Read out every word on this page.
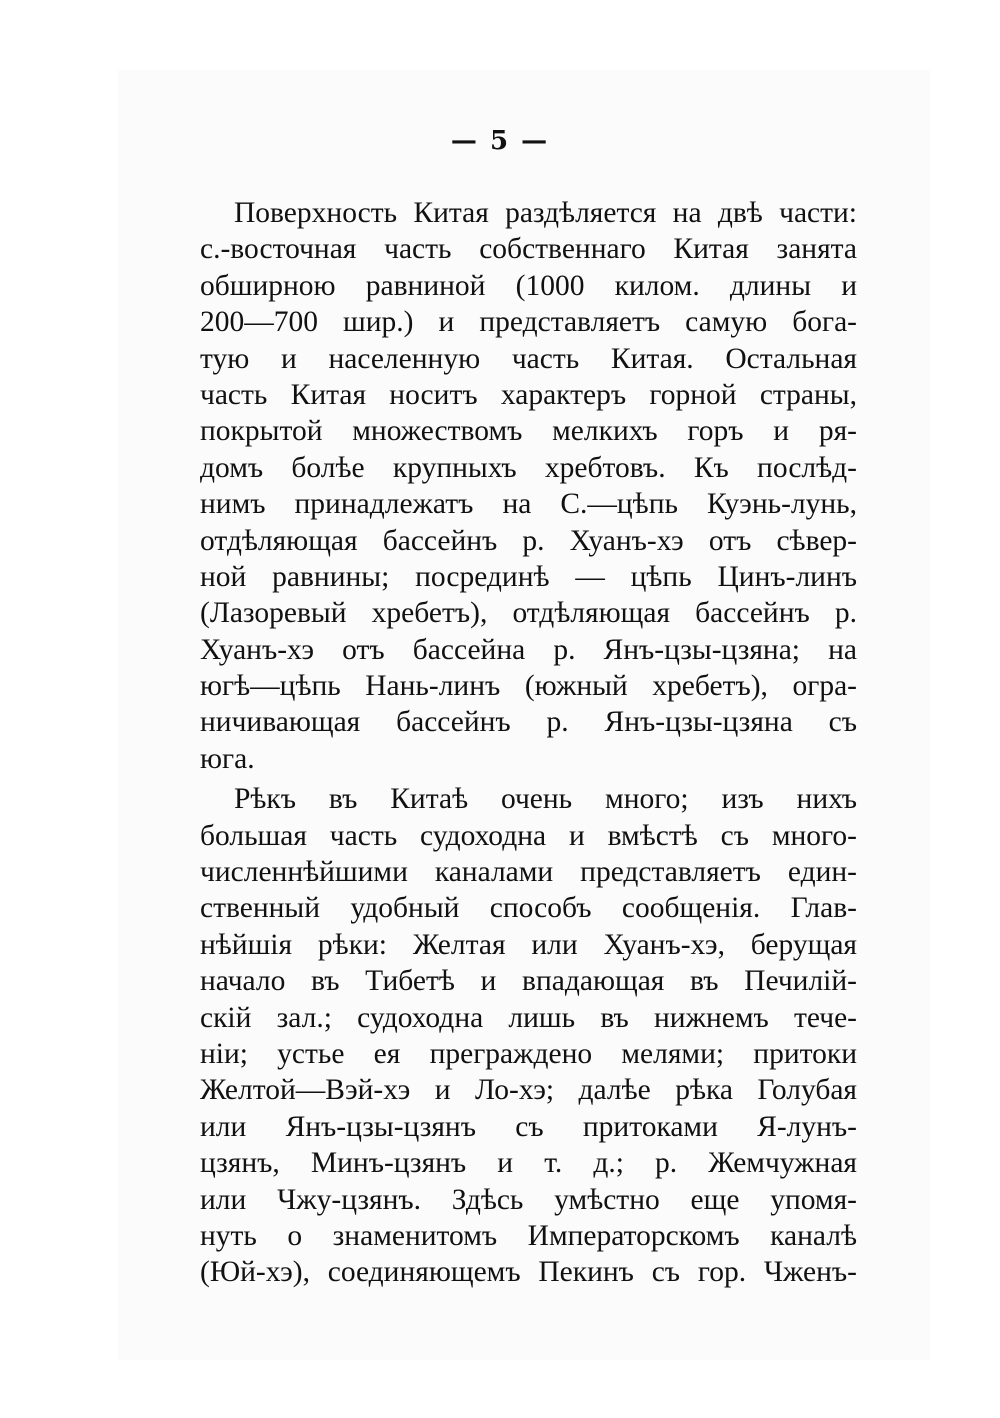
— 5 —
Поверхность Китая раздѣляется на двѣ части:
с.-восточная часть собственнаго Китая занята
обширною равниной (1000 килом. длины и
200—700 шир.) и представляетъ самую бога-
тую и населенную часть Китая. Остальная
часть Китая носитъ характеръ горной страны,
покрытой множествомъ мелкихъ горъ и ря-
домъ болѣе крупныхъ хребтовъ. Къ послѣд-
нимъ принадлежатъ на С.—цѣпь Куэнь-лунь,
отдѣляющая бассейнъ р. Хуанъ-хэ отъ сѣвер-
ной равнины; посрединѣ — цѣпь Цинъ-линъ
(Лазоревый хребетъ), отдѣляющая бассейнъ р.
Хуанъ-хэ отъ бассейна р. Янъ-цзы-цзяна; на
югѣ—цѣпь Нань-линъ (южный хребетъ), огра-
ничивающая бассейнъ р. Янъ-цзы-цзяна съ
юга.
Рѣкъ въ Китаѣ очень много; изъ нихъ
большая часть судоходна и вмѣстѣ съ много-
численнѣйшими каналами представляетъ един-
ственный удобный способъ сообщенія. Глав-
нѣйшія рѣки: Желтая или Хуанъ-хэ, берущая
начало въ Тибетѣ и впадающая въ Печилій-
скій зал.; судоходна лишь въ нижнемъ тече-
ніи; устье ея преграждено мелями; притоки
Желтой—Вэй-хэ и Ло-хэ; далѣе рѣка Голубая
или Янъ-цзы-цзянъ съ притоками Я-лунъ-
цзянъ, Минъ-цзянъ и т. д.; р. Жемчужная
или Чжу-цзянъ. Здѣсь умѣстно еще упомя-
нуть о знаменитомъ Императорскомъ каналѣ
(Юй-хэ), соединяющемъ Пекинъ съ гор. Чженъ-
